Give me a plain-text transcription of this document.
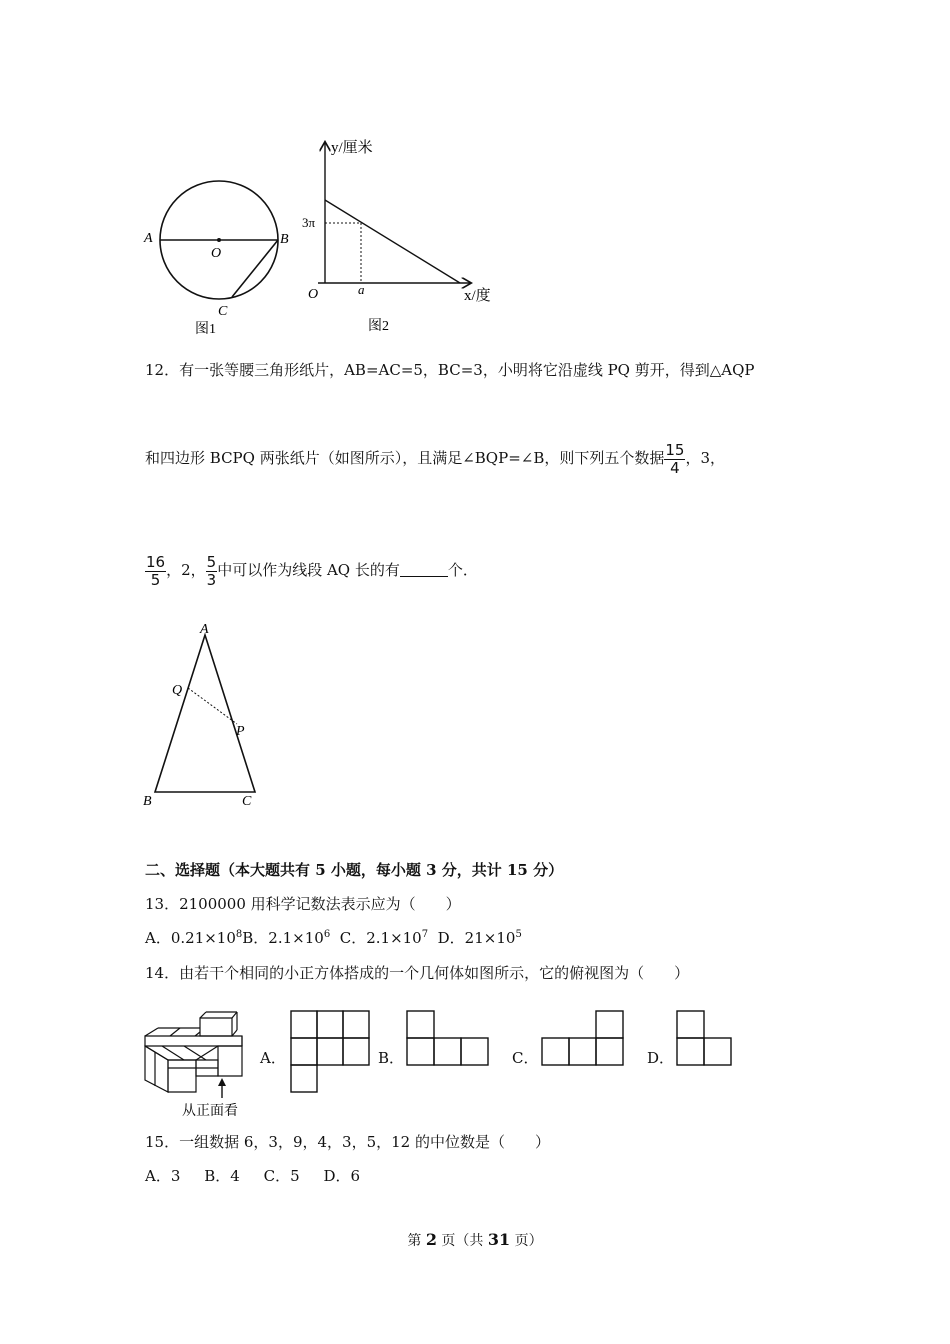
A	B
O
C
图1
y/厘米
3π
O	a	x/度
图2
12．有一张等腰三角形纸片，AB=AC=5，BC=3，小明将它沿虚线 PQ 剪开，得到△AQP
和四边形 BCPQ 两张纸片（如图所示），且满足∠BQP=∠B，则下列五个数据 $\frac{15}{4}$ ，3，
$\frac{16}{5}$ ，2， $\frac{5}{3}$ 中可以作为线段 AQ 长的有	个．
A
Q
P
B	C
二、选择题（本大题共有 5 小题，每小题 3 分，共计 15 分）
13．2100000 用科学记数法表示应为（　　）
A．$0.21\times 10^8B$．$2.1\times 10^6$ C．$2.1\times 10^7$ D．$21\times 10^5$
14．由若干个相同的小正方体搭成的一个几何体如图所示，它的俯视图为（　　）
从正面看
A．	B．	C．	D．
15．一组数据 6，3，9，4，3，5，12 的中位数是（　　）
A．3 B．4 C．5 D．6
第 2 页（共 31 页）
